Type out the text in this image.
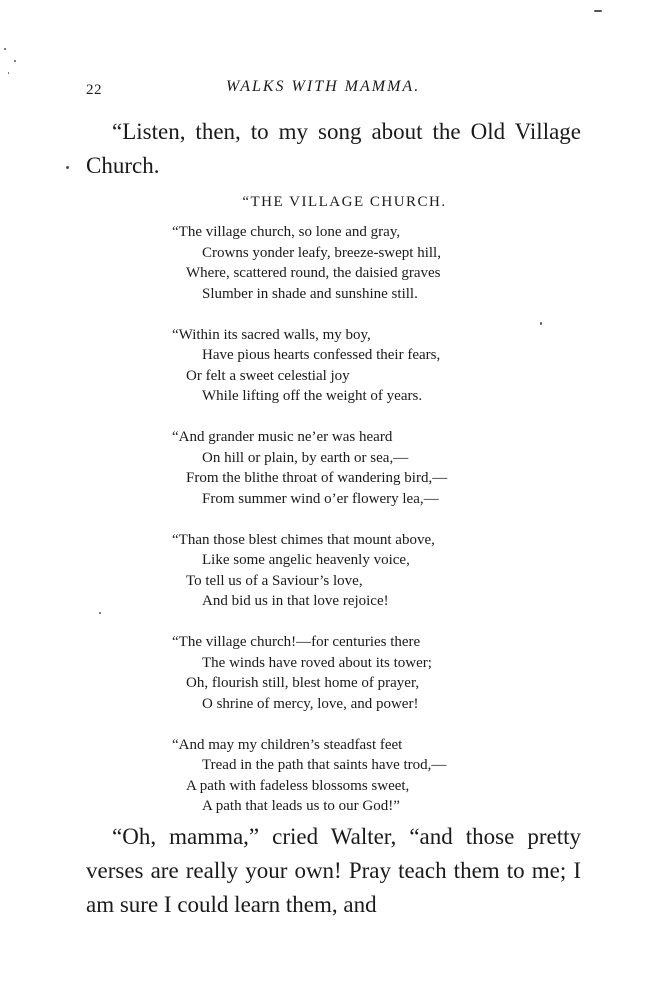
22	WALKS WITH MAMMA.

“Listen, then, to my song about the Old Village Church.

“THE VILLAGE CHURCH.
“The village church, so lone and gray,
Crowns yonder leafy, breeze-swept hill,
Where, scattered round, the daisied graves
Slumber in shade and sunshine still.
“Within its sacred walls, my boy,
Have pious hearts confessed their fears,
Or felt a sweet celestial joy
While lifting off the weight of years.
“And grander music ne’er was heard
On hill or plain, by earth or sea,—
From the blithe throat of wandering bird,—
From summer wind o’er flowery lea,—
“Than those blest chimes that mount above,
Like some angelic heavenly voice,
To tell us of a Saviour’s love,
And bid us in that love rejoice!
“The village church!—for centuries there
The winds have roved about its tower;
Oh, flourish still, blest home of prayer,
O shrine of mercy, love, and power!
“And may my children’s steadfast feet
Tread in the path that saints have trod,—
A path with fadeless blossoms sweet,
A path that leads us to our God!”

“Oh, mamma,” cried Walter, “and those pretty verses are really your own! Pray teach them to me; I am sure I could learn them, and
